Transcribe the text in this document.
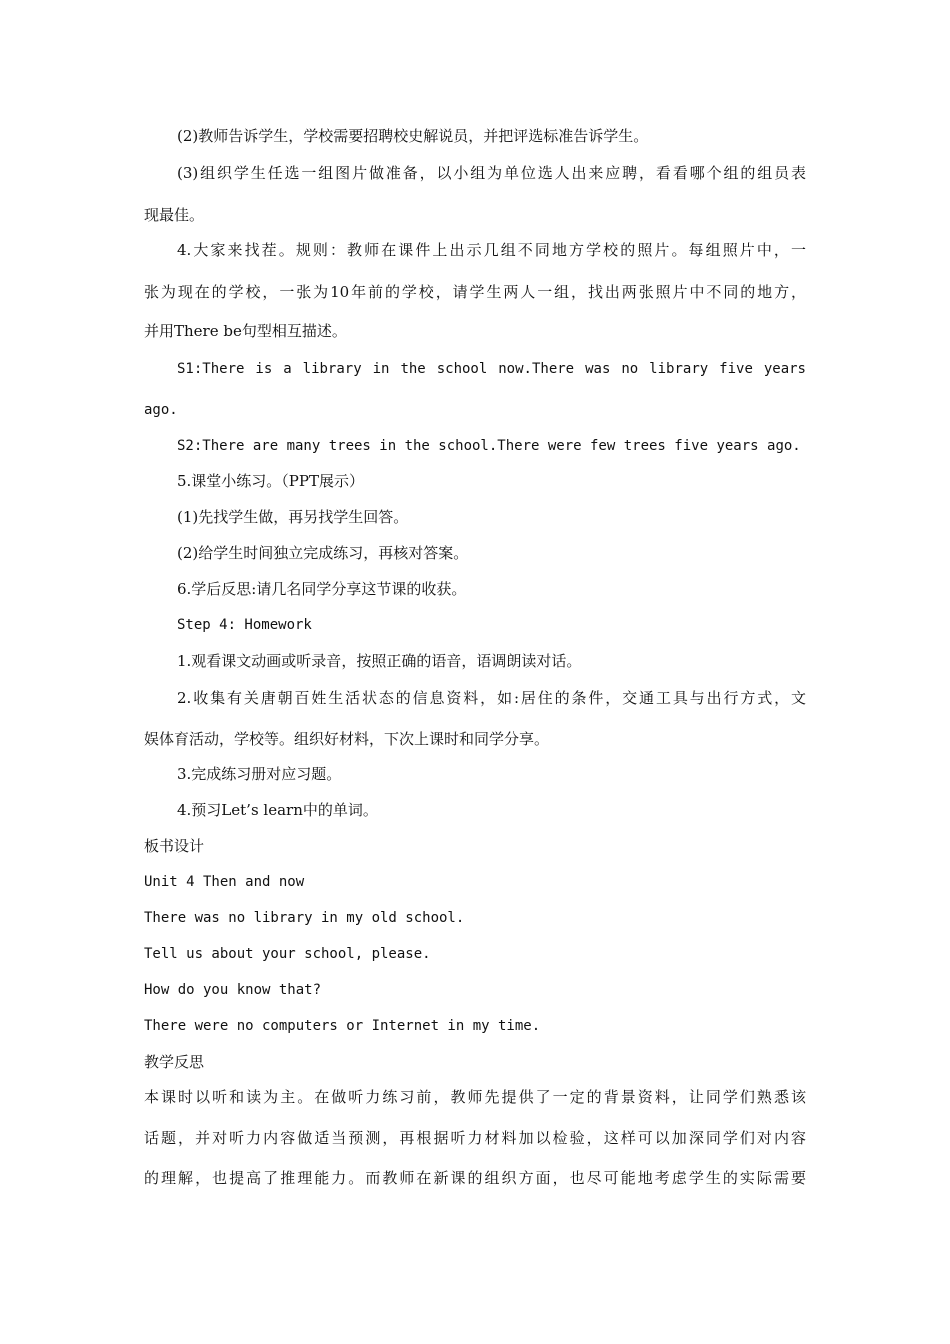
(2)教师告诉学生，学校需要招聘校史解说员，并把评选标准告诉学生。
(3)组织学生任选一组图片做准备，以小组为单位选人出来应聘，看看哪个组的组员表
现最佳。
4.大家来找茬。规则：教师在课件上出示几组不同地方学校的照片。每组照片中，一
张为现在的学校，一张为10年前的学校，请学生两人一组，找出两张照片中不同的地方，
并用There be句型相互描述。
S1:There is a library in the school now.There was no library five years
ago.
S2:There are many trees in the school.There were few trees five years ago.
5.课堂小练习。（PPT展示）
(1)先找学生做，再另找学生回答。
(2)给学生时间独立完成练习，再核对答案。
6.学后反思:请几名同学分享这节课的收获。
Step 4: Homework
1.观看课文动画或听录音，按照正确的语音，语调朗读对话。
2.收集有关唐朝百姓生活状态的信息资料，如:居住的条件，交通工具与出行方式，文
娱体育活动，学校等。组织好材料，下次上课时和同学分享。
3.完成练习册对应习题。
4.预习Let’s learn中的单词。
板书设计
Unit 4 Then and now
There was no library in my old school.
Tell us about your school, please.
How do you know that?
There were no computers or Internet in my time.
教学反思
本课时以听和读为主。在做听力练习前，教师先提供了一定的背景资料，让同学们熟悉该
话题，并对听力内容做适当预测，再根据听力材料加以检验，这样可以加深同学们对内容
的理解，也提高了推理能力。而教师在新课的组织方面，也尽可能地考虑学生的实际需要
